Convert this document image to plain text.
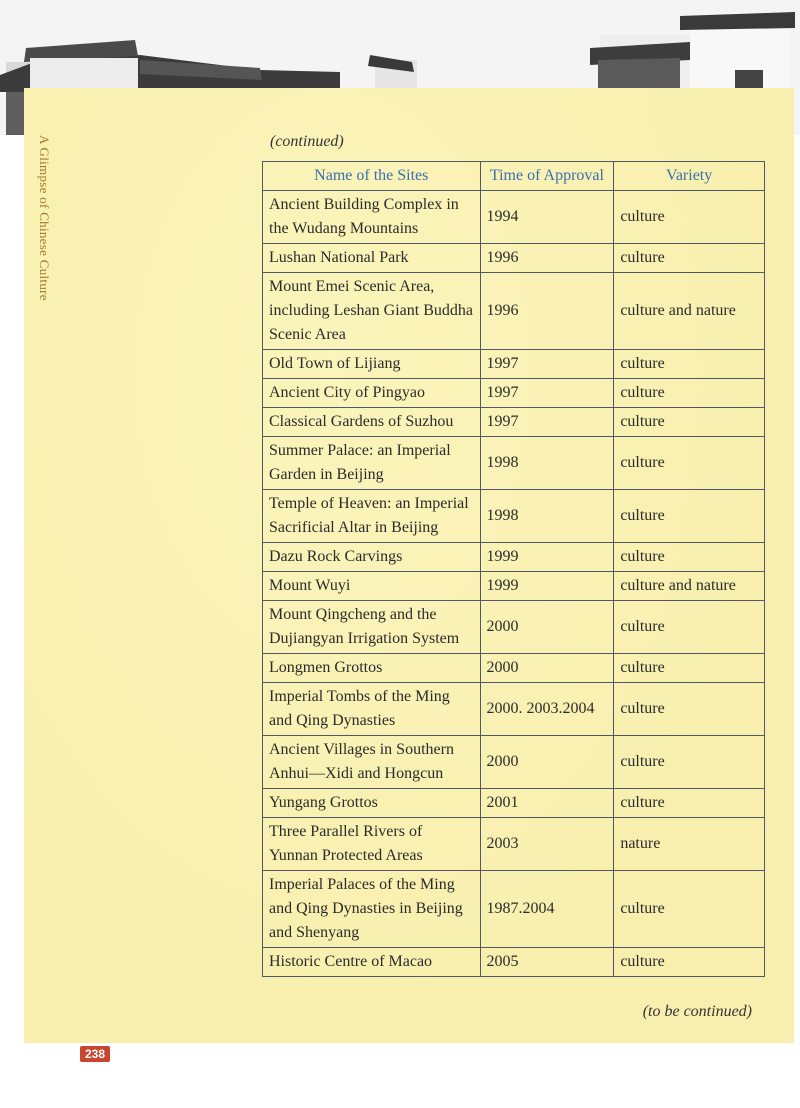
A Glimpse of Chinese Culture	(continued)
Name of the Sites	Time of Approval	Variety
Ancient Building Complex in the Wudang Mountains	1994	culture
Lushan National Park	1996	culture
Mount Emei Scenic Area, including Leshan Giant Buddha Scenic Area	1996	culture and nature
Old Town of Lijiang	1997	culture
Ancient City of Pingyao	1997	culture
Classical Gardens of Suzhou	1997	culture
Summer Palace: an Imperial Garden in Beijing	1998	culture
Temple of Heaven: an Imperial Sacrificial Altar in Beijing	1998	culture
Dazu Rock Carvings	1999	culture
Mount Wuyi	1999	culture and nature
Mount Qingcheng and the Dujiangyan Irrigation System	2000	culture
Longmen Grottos	2000	culture
Imperial Tombs of the Ming and Qing Dynasties	2000. 2003.2004	culture
Ancient Villages in Southern Anhui—Xidi and Hongcun	2000	culture
Yungang Grottos	2001	culture
Three Parallel Rivers of Yunnan Protected Areas	2003	nature
Imperial Palaces of the Ming and Qing Dynasties in Beijing and Shenyang	1987.2004	culture
Historic Centre of Macao	2005	culture
(to be continued)
238
